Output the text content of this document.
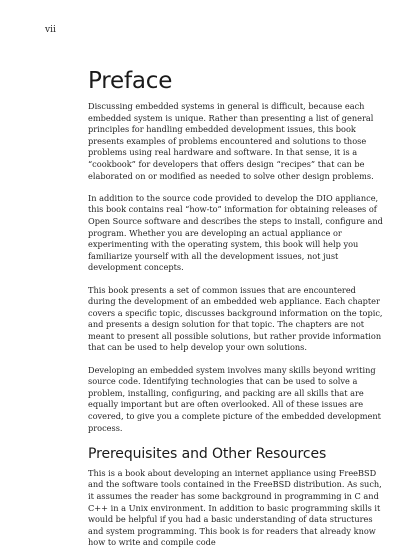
vii

Preface

Discussing embedded systems in general is difficult, because each embedded system is unique. Rather than presenting a list of general principles for handling embedded development issues, this book presents examples of problems encountered and solutions to those problems using real hardware and software. In that sense, it is a “cookbook” for developers that offers design “recipes” that can be elaborated on or modified as needed to solve other design problems.

In addition to the source code provided to develop the DIO appliance, this book contains real “how-to” information for obtaining releases of Open Source software and describes the steps to install, configure and program. Whether you are developing an actual appliance or experimenting with the operating system, this book will help you familiarize yourself with all the development issues, not just development concepts.

This book presents a set of common issues that are encountered during the development of an embedded web appliance. Each chapter covers a specific topic, discusses background information on the topic, and presents a design solution for that topic. The chapters are not meant to present all possible solutions, but rather provide information that can be used to help develop your own solutions.

Developing an embedded system involves many skills beyond writing source code. Identifying technologies that can be used to solve a problem, installing, configuring, and packing are all skills that are equally important but are often overlooked. All of these issues are covered, to give you a complete picture of the embedded development process.

Prerequisites and Other Resources

This is a book about developing an internet appliance using FreeBSD and the software tools contained in the FreeBSD distribution. As such, it assumes the reader has some background in programming in C and C++ in a Unix environment. In addition to basic programming skills it would be helpful if you had a basic understanding of data structures and system programming. This book is for readers that already know how to write and compile code
